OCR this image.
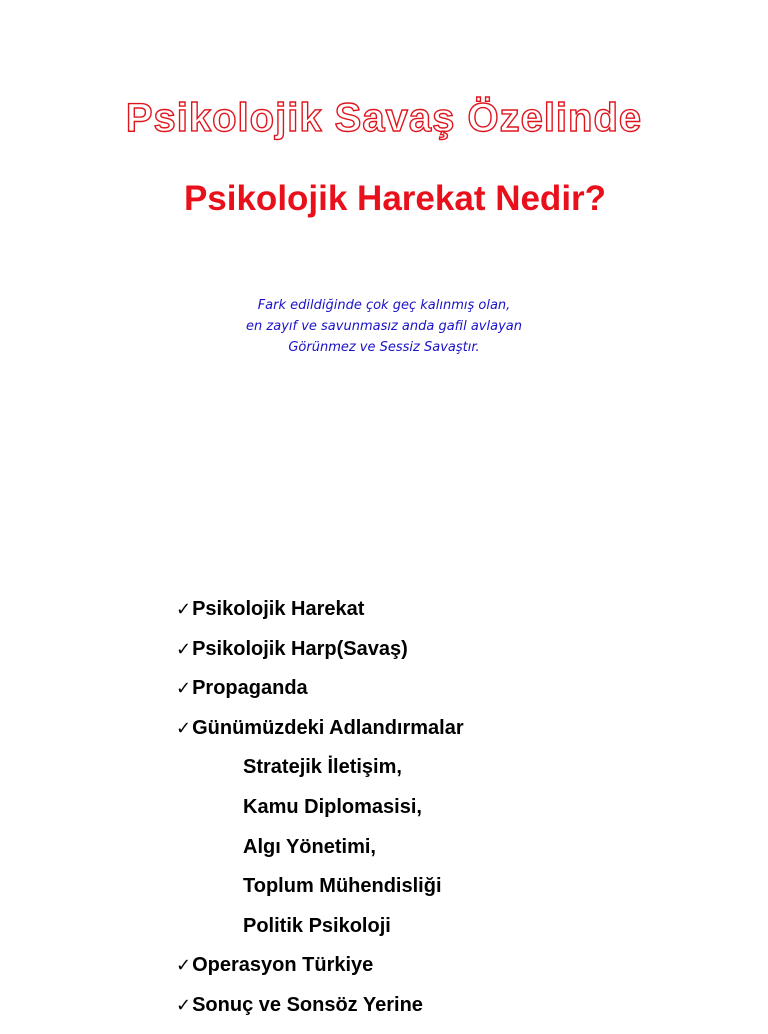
Psikolojik Savaş Özelinde
Psikolojik Harekat Nedir?

Fark edildiğinde çok geç kalınmış olan,
en zayıf ve savunmasız anda gafil avlayan
Görünmez ve Sessiz Savaştır.

✓Psikolojik Harekat
✓Psikolojik Harp(Savaş)
✓Propaganda
✓Günümüzdeki Adlandırmalar
Stratejik İletişim,
Kamu Diplomasisi,
Algı Yönetimi,
Toplum Mühendisliği
Politik Psikoloji
✓Operasyon Türkiye
✓Sonuç ve Sonsöz Yerine
